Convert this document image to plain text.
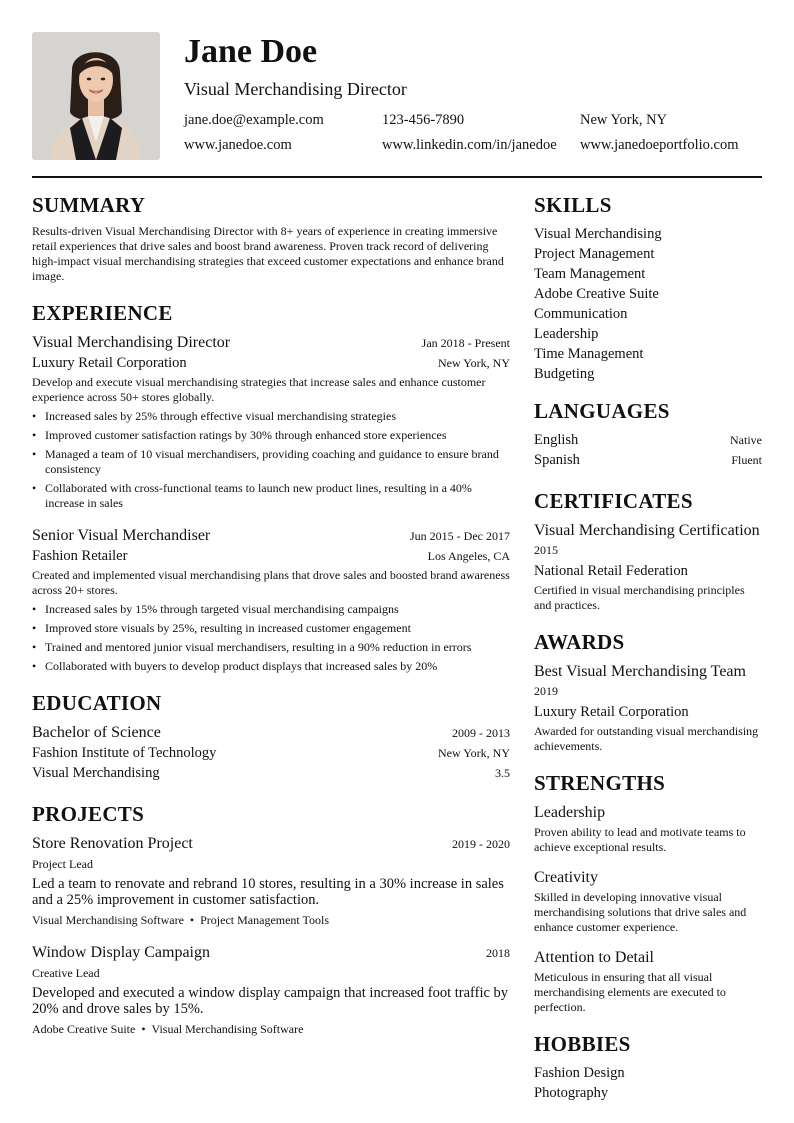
Jane Doe
Visual Merchandising Director
jane.doe@example.com	123-456-7890	New York, NY
www.janedoe.com	www.linkedin.com/in/janedoe	www.janedoeportfolio.com
SUMMARY
Results-driven Visual Merchandising Director with 8+ years of experience in creating immersive retail experiences that drive sales and boost brand awareness. Proven track record of delivering high-impact visual merchandising strategies that exceed customer expectations and enhance brand image.
EXPERIENCE
Visual Merchandising Director	Jan 2018 - Present
Luxury Retail Corporation	New York, NY
Develop and execute visual merchandising strategies that increase sales and enhance customer experience across 50+ stores globally.
• Increased sales by 25% through effective visual merchandising strategies
• Improved customer satisfaction ratings by 30% through enhanced store experiences
• Managed a team of 10 visual merchandisers, providing coaching and guidance to ensure brand consistency
• Collaborated with cross-functional teams to launch new product lines, resulting in a 40% increase in sales
Senior Visual Merchandiser	Jun 2015 - Dec 2017
Fashion Retailer	Los Angeles, CA
Created and implemented visual merchandising plans that drove sales and boosted brand awareness across 20+ stores.
• Increased sales by 15% through targeted visual merchandising campaigns
• Improved store visuals by 25%, resulting in increased customer engagement
• Trained and mentored junior visual merchandisers, resulting in a 90% reduction in errors
• Collaborated with buyers to develop product displays that increased sales by 20%
EDUCATION
Bachelor of Science	2009 - 2013
Fashion Institute of Technology	New York, NY
Visual Merchandising	3.5
PROJECTS
Store Renovation Project	2019 - 2020
Project Lead
Led a team to renovate and rebrand 10 stores, resulting in a 30% increase in sales and a 25% improvement in customer satisfaction.
Visual Merchandising Software • Project Management Tools
Window Display Campaign	2018
Creative Lead
Developed and executed a window display campaign that increased foot traffic by 20% and drove sales by 15%.
Adobe Creative Suite • Visual Merchandising Software
SKILLS
Visual Merchandising
Project Management
Team Management
Adobe Creative Suite
Communication
Leadership
Time Management
Budgeting
LANGUAGES
English	Native
Spanish	Fluent
CERTIFICATES
Visual Merchandising Certification
2015
National Retail Federation
Certified in visual merchandising principles and practices.
AWARDS
Best Visual Merchandising Team
2019
Luxury Retail Corporation
Awarded for outstanding visual merchandising achievements.
STRENGTHS
Leadership
Proven ability to lead and motivate teams to achieve exceptional results.
Creativity
Skilled in developing innovative visual merchandising solutions that drive sales and enhance customer experience.
Attention to Detail
Meticulous in ensuring that all visual merchandising elements are executed to perfection.
HOBBIES
Fashion Design
Photography
